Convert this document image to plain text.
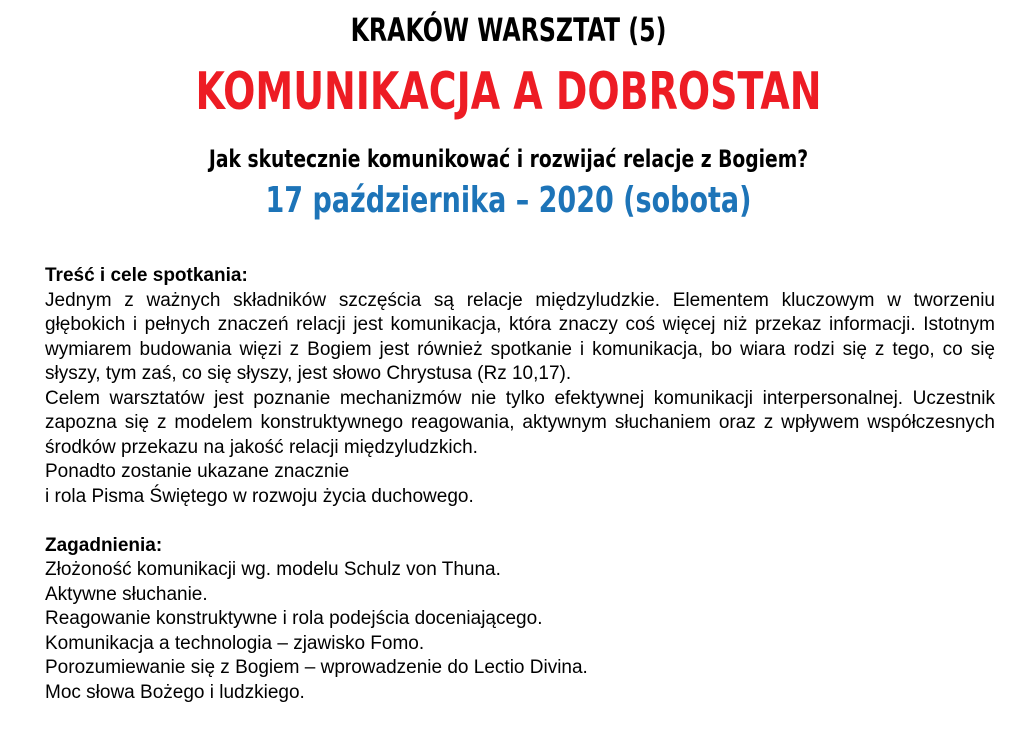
KRAKÓW WARSZTAT (5)
KOMUNIKACJA A DOBROSTAN
Jak skutecznie komunikować i rozwijać relacje z Bogiem?
17 października – 2020 (sobota)

Treść i cele spotkania:

Jednym z ważnych składników szczęścia są relacje międzyludzkie. Elementem kluczowym w tworzeniu głębokich i pełnych znaczeń relacji jest komunikacja, która znaczy coś więcej niż przekaz informacji. Istotnym wymiarem budowania więzi z Bogiem jest również spotkanie i komunikacja, bo wiara rodzi się z tego, co się słyszy, tym zaś, co się słyszy, jest słowo Chrystusa (Rz 10,17).

Celem warsztatów jest poznanie mechanizmów nie tylko efektywnej komunikacji interpersonalnej. Uczestnik zapozna się z modelem konstruktywnego reagowania, aktywnym słuchaniem oraz z wpływem współczesnych środków przekazu na jakość relacji międzyludzkich.

Ponadto zostanie ukazane znacznie

i rola Pisma Świętego w rozwoju życia duchowego.

Zagadnienia:

Złożoność komunikacji wg. modelu Schulz von Thuna.

Aktywne słuchanie.

Reagowanie konstruktywne i rola podejścia doceniającego.

Komunikacja a technologia – zjawisko Fomo.

Porozumiewanie się z Bogiem – wprowadzenie do Lectio Divina.

Moc słowa Bożego i ludzkiego.
